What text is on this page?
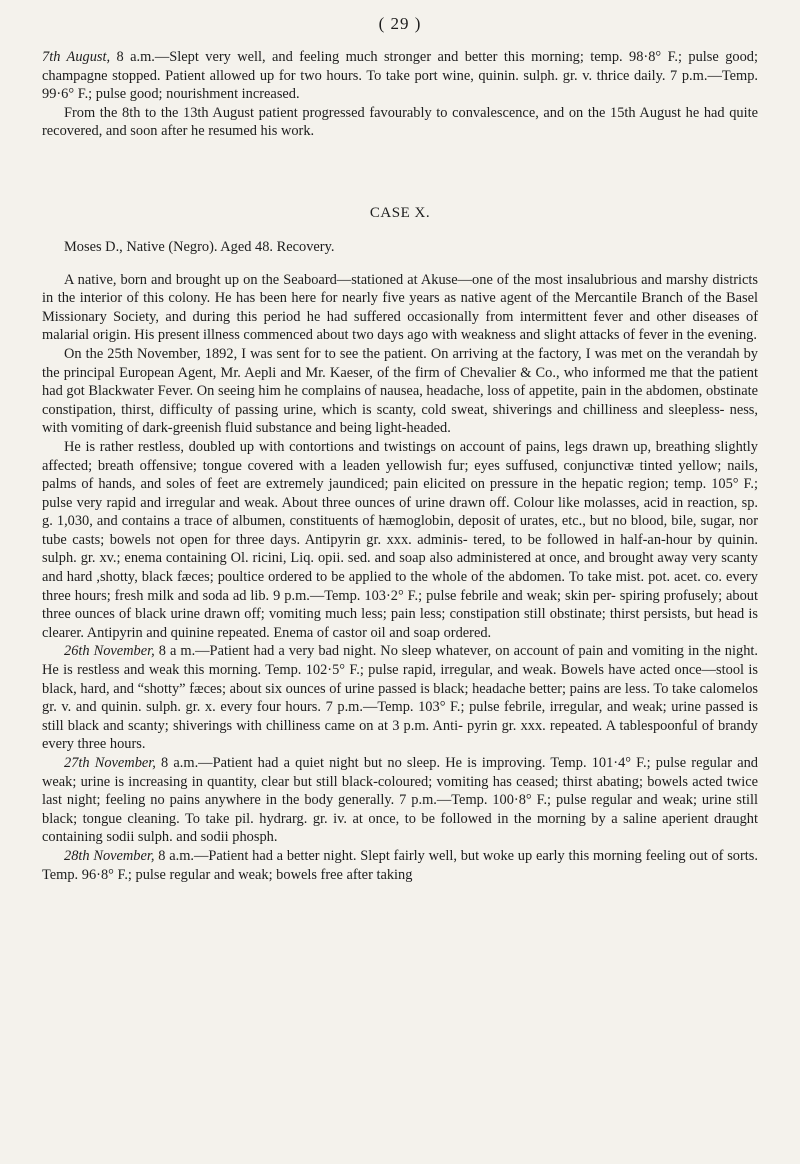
( 29 )

7th August, 8 a.m.—Slept very well, and feeling much stronger and better this morning; temp. 98·8° F.; pulse good; champagne stopped. Patient allowed up for two hours. To take port wine, quinin. sulph. gr. v. thrice daily. 7 p.m.—Temp. 99·6° F.; pulse good; nourishment increased.

From the 8th to the 13th August patient progressed favourably to convalescence, and on the 15th August he had quite recovered, and soon after he resumed his work.

CASE X.

Moses D., Native (Negro). Aged 48. Recovery.

A native, born and brought up on the Seaboard—stationed at Akuse—one of the most insalubrious and marshy districts in the interior of this colony. He has been here for nearly five years as native agent of the Mercantile Branch of the Basel Missionary Society, and during this period he had suffered occasionally from intermittent fever and other diseases of malarial origin. His present illness commenced about two days ago with weakness and slight attacks of fever in the evening.

On the 25th November, 1892, I was sent for to see the patient. On arriving at the factory, I was met on the verandah by the principal European Agent, Mr. Aepli and Mr. Kaeser, of the firm of Chevalier & Co., who informed me that the patient had got Blackwater Fever. On seeing him he complains of nausea, headache, loss of appetite, pain in the abdomen, obstinate constipation, thirst, difficulty of passing urine, which is scanty, cold sweat, shiverings and chilliness and sleepless- ness, with vomiting of dark-greenish fluid substance and being light-headed.

He is rather restless, doubled up with contortions and twistings on account of pains, legs drawn up, breathing slightly affected; breath offensive; tongue covered with a leaden yellowish fur; eyes suffused, conjunctivæ tinted yellow; nails, palms of hands, and soles of feet are extremely jaundiced; pain elicited on pressure in the hepatic region; temp. 105° F.; pulse very rapid and irregular and weak. About three ounces of urine drawn off. Colour like molasses, acid in reaction, sp. g. 1,030, and contains a trace of albumen, constituents of hæmoglobin, deposit of urates, etc., but no blood, bile, sugar, nor tube casts; bowels not open for three days. Antipyrin gr. xxx. adminis- tered, to be followed in half-an-hour by quinin. sulph. gr. xv.; enema containing Ol. ricini, Liq. opii. sed. and soap also administered at once, and brought away very scanty and hard ,shotty, black fæces; poultice ordered to be applied to the whole of the abdomen. To take mist. pot. acet. co. every three hours; fresh milk and soda ad lib. 9 p.m.—Temp. 103·2° F.; pulse febrile and weak; skin per- spiring profusely; about three ounces of black urine drawn off; vomiting much less; pain less; constipation still obstinate; thirst persists, but head is clearer. Antipyrin and quinine repeated. Enema of castor oil and soap ordered.

26th November, 8 a m.—Patient had a very bad night. No sleep whatever, on account of pain and vomiting in the night. He is restless and weak this morning. Temp. 102·5° F.; pulse rapid, irregular, and weak. Bowels have acted once—stool is black, hard, and “shotty” fæces; about six ounces of urine passed is black; headache better; pains are less. To take calomelos gr. v. and quinin. sulph. gr. x. every four hours. 7 p.m.—Temp. 103° F.; pulse febrile, irregular, and weak; urine passed is still black and scanty; shiverings with chilliness came on at 3 p.m. Anti- pyrin gr. xxx. repeated. A tablespoonful of brandy every three hours.

27th November, 8 a.m.—Patient had a quiet night but no sleep. He is improving. Temp. 101·4° F.; pulse regular and weak; urine is increasing in quantity, clear but still black-coloured; vomiting has ceased; thirst abating; bowels acted twice last night; feeling no pains anywhere in the body generally. 7 p.m.—Temp. 100·8° F.; pulse regular and weak; urine still black; tongue cleaning. To take pil. hydrarg. gr. iv. at once, to be followed in the morning by a saline aperient draught containing sodii sulph. and sodii phosph.

28th November, 8 a.m.—Patient had a better night. Slept fairly well, but woke up early this morning feeling out of sorts. Temp. 96·8° F.; pulse regular and weak; bowels free after taking
